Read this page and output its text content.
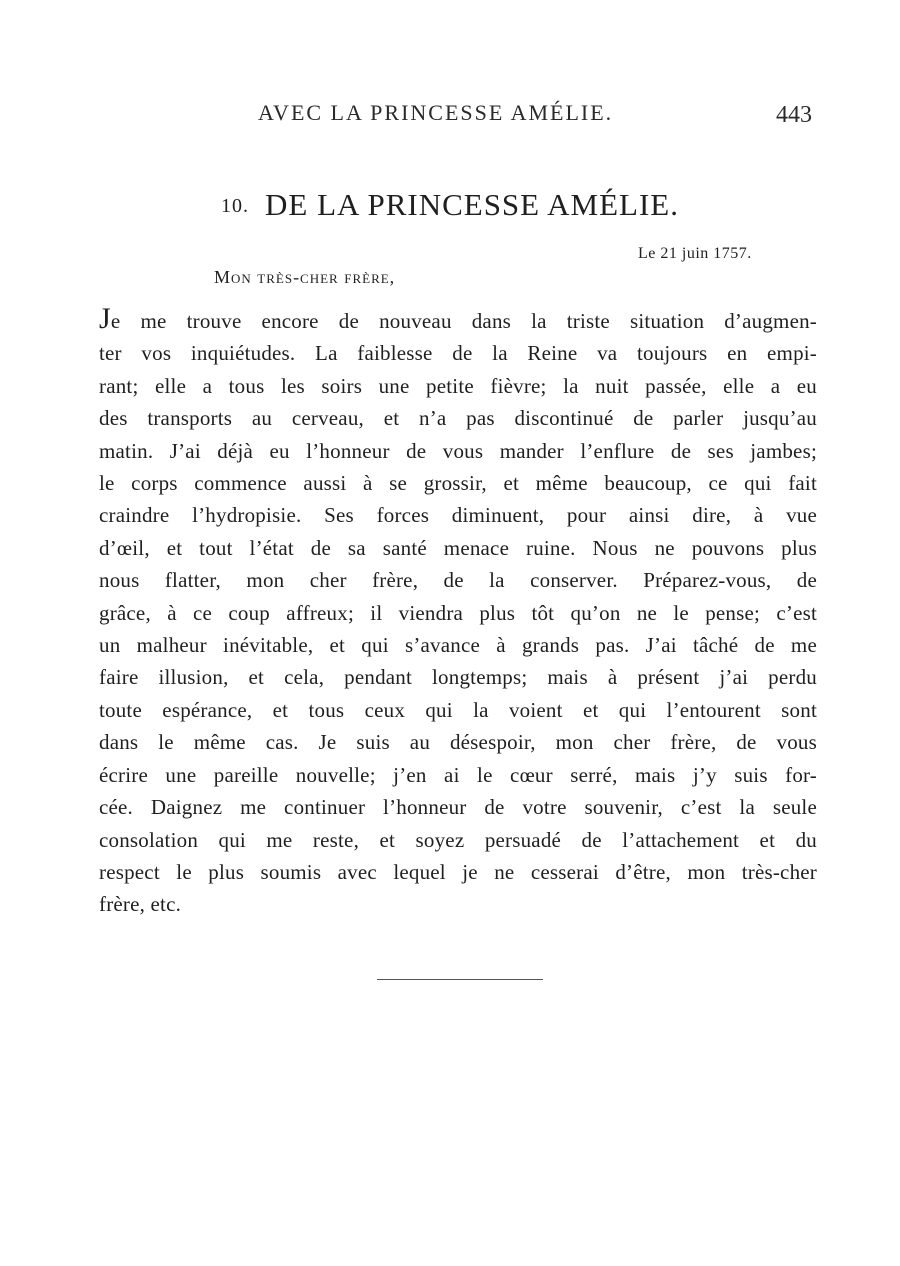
AVEC LA PRINCESSE AMÉLIE.	443
10. DE LA PRINCESSE AMÉLIE.
Le 21 juin 1757.
Mon très-cher frère,
Je me trouve encore de nouveau dans la triste situation d’augmen-
ter vos inquiétudes. La faiblesse de la Reine va toujours en empi-
rant; elle a tous les soirs une petite fièvre; la nuit passée, elle a eu
des transports au cerveau, et n’a pas discontinué de parler jusqu’au
matin. J’ai déjà eu l’honneur de vous mander l’enflure de ses jambes;
le corps commence aussi à se grossir, et même beaucoup, ce qui fait
craindre l’hydropisie. Ses forces diminuent, pour ainsi dire, à vue
d’œil, et tout l’état de sa santé menace ruine. Nous ne pouvons plus
nous flatter, mon cher frère, de la conserver. Préparez-vous, de
grâce, à ce coup affreux; il viendra plus tôt qu’on ne le pense; c’est
un malheur inévitable, et qui s’avance à grands pas. J’ai tâché de me
faire illusion, et cela, pendant longtemps; mais à présent j’ai perdu
toute espérance, et tous ceux qui la voient et qui l’entourent sont
dans le même cas. Je suis au désespoir, mon cher frère, de vous
écrire une pareille nouvelle; j’en ai le cœur serré, mais j’y suis for-
cée. Daignez me continuer l’honneur de votre souvenir, c’est la seule
consolation qui me reste, et soyez persuadé de l’attachement et du
respect le plus soumis avec lequel je ne cesserai d’être, mon très-cher
frère, etc.
